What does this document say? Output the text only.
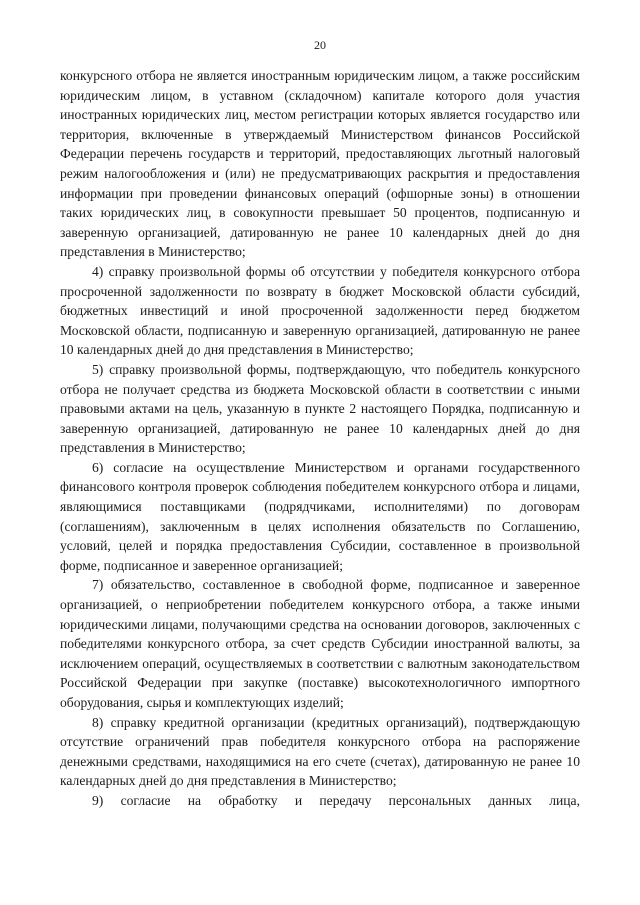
20

конкурсного отбора не является иностранным юридическим лицом, а также российским юридическим лицом, в уставном (складочном) капитале которого доля участия иностранных юридических лиц, местом регистрации которых является государство или территория, включенные в утверждаемый Министерством финансов Российской Федерации перечень государств и территорий, предоставляющих льготный налоговый режим налогообложения и (или) не предусматривающих раскрытия и предоставления информации при проведении финансовых операций (офшорные зоны) в отношении таких юридических лиц, в совокупности превышает 50 процентов, подписанную и заверенную организацией, датированную не ранее 10 календарных дней до дня представления в Министерство;

4) справку произвольной формы об отсутствии у победителя конкурсного отбора просроченной задолженности по возврату в бюджет Московской области субсидий, бюджетных инвестиций и иной просроченной задолженности перед бюджетом Московской области, подписанную и заверенную организацией, датированную не ранее 10 календарных дней до дня представления в Министерство;

5) справку произвольной формы, подтверждающую, что победитель конкурсного отбора не получает средства из бюджета Московской области в соответствии с иными правовыми актами на цель, указанную в пункте 2 настоящего Порядка, подписанную и заверенную организацией, датированную не ранее 10 календарных дней до дня представления в Министерство;

6) согласие на осуществление Министерством и органами государственного финансового контроля проверок соблюдения победителем конкурсного отбора и лицами, являющимися поставщиками (подрядчиками, исполнителями) по договорам (соглашениям), заключенным в целях исполнения обязательств по Соглашению, условий, целей и порядка предоставления Субсидии, составленное в произвольной форме, подписанное и заверенное организацией;

7) обязательство, составленное в свободной форме, подписанное и заверенное организацией, о неприобретении победителем конкурсного отбора, а также иными юридическими лицами, получающими средства на основании договоров, заключенных с победителями конкурсного отбора, за счет средств Субсидии иностранной валюты, за исключением операций, осуществляемых в соответствии с валютным законодательством Российской Федерации при закупке (поставке) высокотехнологичного импортного оборудования, сырья и комплектующих изделий;

8) справку кредитной организации (кредитных организаций), подтверждающую отсутствие ограничений прав победителя конкурсного отбора на распоряжение денежными средствами, находящимися на его счете (счетах), датированную не ранее 10 календарных дней до дня представления в Министерство;

9) согласие на обработку и передачу персональных данных лица,
